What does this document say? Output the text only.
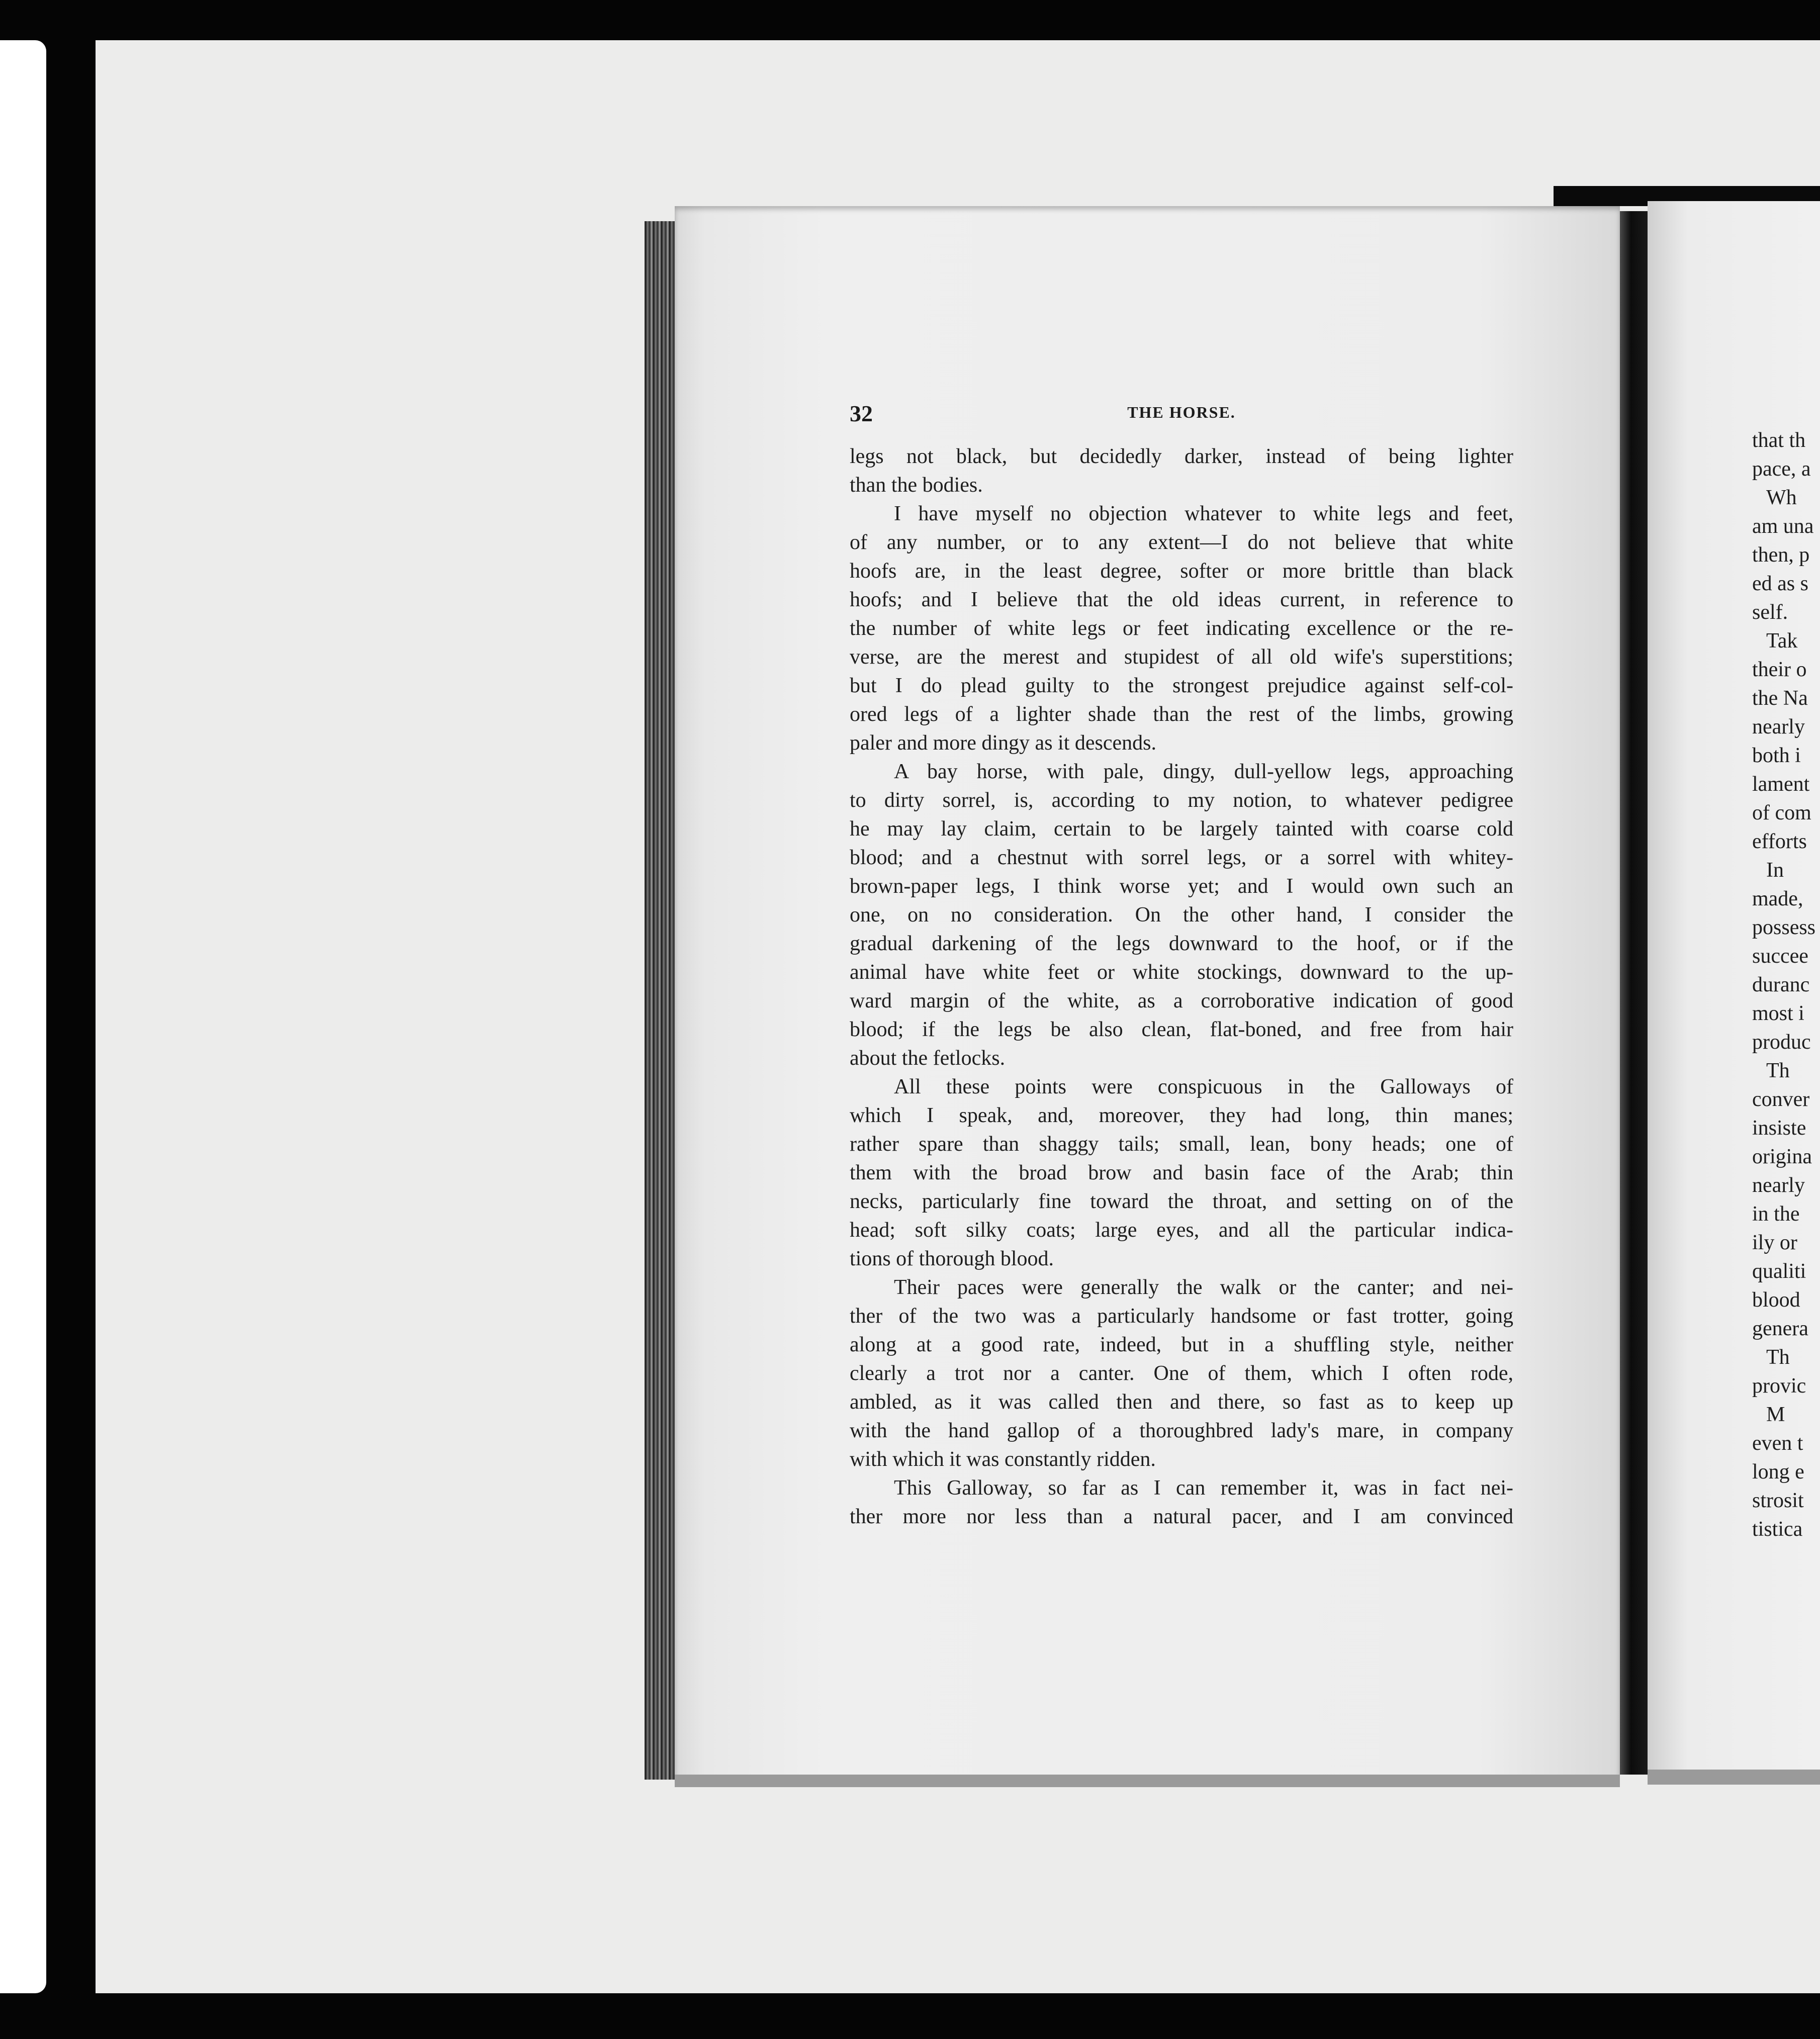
32	THE HORSE.
legs not black, but decidedly darker, instead of being lighter
than the bodies.
I have myself no objection whatever to white legs and feet,
of any number, or to any extent—I do not believe that white
hoofs are, in the least degree, softer or more brittle than black
hoofs; and I believe that the old ideas current, in reference to
the number of white legs or feet indicating excellence or the re-
verse, are the merest and stupidest of all old wife's superstitions;
but I do plead guilty to the strongest prejudice against self-col-
ored legs of a lighter shade than the rest of the limbs, growing
paler and more dingy as it descends.
A bay horse, with pale, dingy, dull-yellow legs, approaching
to dirty sorrel, is, according to my notion, to whatever pedigree
he may lay claim, certain to be largely tainted with coarse cold
blood; and a chestnut with sorrel legs, or a sorrel with whitey-
brown-paper legs, I think worse yet; and I would own such an
one, on no consideration. On the other hand, I consider the
gradual darkening of the legs downward to the hoof, or if the
animal have white feet or white stockings, downward to the up-
ward margin of the white, as a corroborative indication of good
blood; if the legs be also clean, flat-boned, and free from hair
about the fetlocks.
All these points were conspicuous in the Galloways of
which I speak, and, moreover, they had long, thin manes;
rather spare than shaggy tails; small, lean, bony heads; one of
them with the broad brow and basin face of the Arab; thin
necks, particularly fine toward the throat, and setting on of the
head; soft silky coats; large eyes, and all the particular indica-
tions of thorough blood.
Their paces were generally the walk or the canter; and nei-
ther of the two was a particularly handsome or fast trotter, going
along at a good rate, indeed, but in a shuffling style, neither
clearly a trot nor a canter. One of them, which I often rode,
ambled, as it was called then and there, so fast as to keep up
with the hand gallop of a thoroughbred lady's mare, in company
with which it was constantly ridden.
This Galloway, so far as I can remember it, was in fact nei-
ther more nor less than a natural pacer, and I am convinced
that th
pace, a
Wh
am una
then, p
ed as s
self.
Tak
their o
the Na
nearly
both i
lament
of com
efforts
In
made,
possess
succee
duranc
most i
produc
Th
conver
insiste
origina
nearly
in the
ily or
qualiti
blood
genera
Th
provic
M
even t
long e
strosit
tistica
